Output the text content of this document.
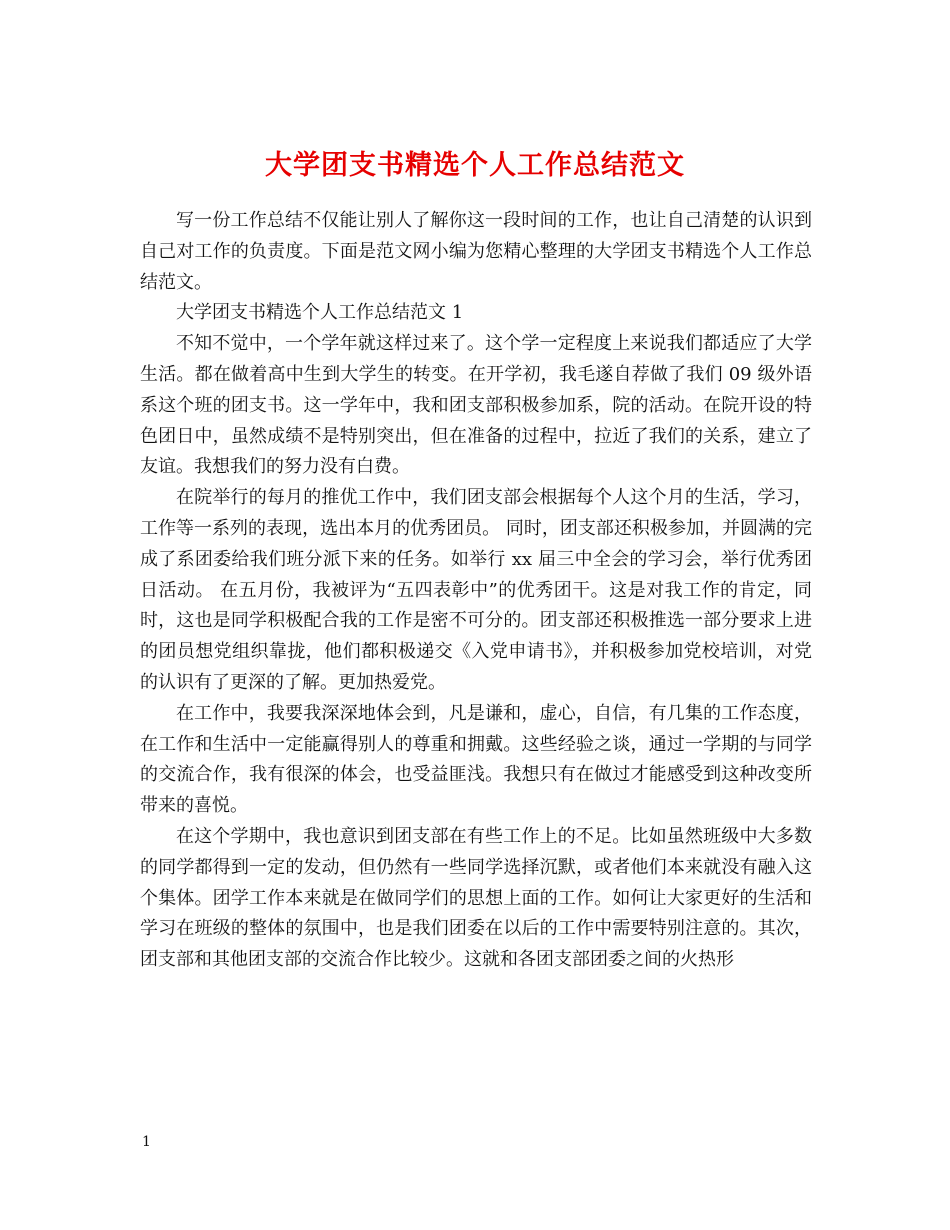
大学团支书精选个人工作总结范文

写一份工作总结不仅能让别人了解你这一段时间的工作，也让自己清楚的认识到自己对工作的负责度。下面是范文网小编为您精心整理的大学团支书精选个人工作总结范文。

大学团支书精选个人工作总结范文 1

不知不觉中，一个学年就这样过来了。这个学一定程度上来说我们都适应了大学生活。都在做着高中生到大学生的转变。在开学初，我毛遂自荐做了我们 09 级外语系这个班的团支书。这一学年中，我和团支部积极参加系，院的活动。在院开设的特色团日中，虽然成绩不是特别突出，但在准备的过程中，拉近了我们的关系，建立了友谊。我想我们的努力没有白费。

在院举行的每月的推优工作中，我们团支部会根据每个人这个月的生活，学习，工作等一系列的表现，选出本月的优秀团员。 同时，团支部还积极参加，并圆满的完成了系团委给我们班分派下来的任务。如举行 xx 届三中全会的学习会，举行优秀团日活动。 在五月份，我被评为“五四表彰中”的优秀团干。这是对我工作的肯定，同时，这也是同学积极配合我的工作是密不可分的。团支部还积极推选一部分要求上进的团员想党组织靠拢，他们都积极递交《入党申请书》，并积极参加党校培训，对党的认识有了更深的了解。更加热爱党。

在工作中，我要我深深地体会到，凡是谦和，虚心，自信，有几集的工作态度，在工作和生活中一定能赢得别人的尊重和拥戴。这些经验之谈，通过一学期的与同学的交流合作，我有很深的体会，也受益匪浅。我想只有在做过才能感受到这种改变所带来的喜悦。

在这个学期中，我也意识到团支部在有些工作上的不足。比如虽然班级中大多数的同学都得到一定的发动，但仍然有一些同学选择沉默，或者他们本来就没有融入这个集体。团学工作本来就是在做同学们的思想上面的工作。如何让大家更好的生活和学习在班级的整体的氛围中，也是我们团委在以后的工作中需要特别注意的。其次，团支部和其他团支部的交流合作比较少。这就和各团支部团委之间的火热形

1
